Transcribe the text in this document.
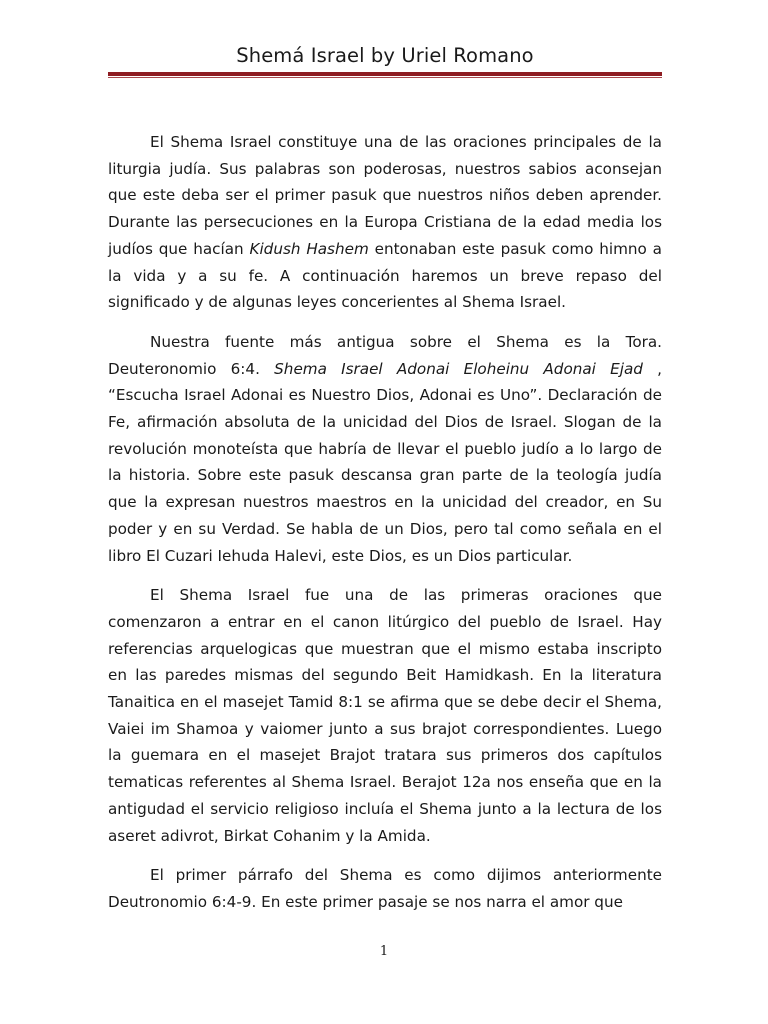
Shemá Israel by Uriel Romano

El Shema Israel constituye una de las oraciones principales de la liturgia judía. Sus palabras son poderosas, nuestros sabios aconsejan que este deba ser el primer pasuk que nuestros niños deben aprender. Durante las persecuciones en la Europa Cristiana de la edad media los judíos que hacían Kidush Hashem entonaban este pasuk como himno a la vida y a su fe. A continuación haremos un breve repaso del significado y de algunas leyes concerientes al Shema Israel.

Nuestra fuente más antigua sobre el Shema es la Tora. Deuteronomio 6:4. Shema Israel Adonai Eloheinu Adonai Ejad , “Escucha Israel Adonai es Nuestro Dios, Adonai es Uno”. Declaración de Fe, afirmación absoluta de la unicidad del Dios de Israel. Slogan de la revolución monoteísta que habría de llevar el pueblo judío a lo largo de la historia. Sobre este pasuk descansa gran parte de la teología judía que la expresan nuestros maestros en la unicidad del creador, en Su poder y en su Verdad. Se habla de un Dios, pero tal como señala en el libro El Cuzari Iehuda Halevi, este Dios, es un Dios particular.

El Shema Israel fue una de las primeras oraciones que comenzaron a entrar en el canon litúrgico del pueblo de Israel. Hay referencias arquelogicas que muestran que el mismo estaba inscripto en las paredes mismas del segundo Beit Hamidkash. En la literatura Tanaitica en el masejet Tamid 8:1 se afirma que se debe decir el Shema, Vaiei im Shamoa y vaiomer junto a sus brajot correspondientes. Luego la guemara en el masejet Brajot tratara sus primeros dos capítulos tematicas referentes al Shema Israel. Berajot 12a nos enseña que en la antigudad el servicio religioso incluía el Shema junto a la lectura de los aseret adivrot, Birkat Cohanim y la Amida.

El primer párrafo del Shema es como dijimos anteriormente Deutronomio 6:4-9. En este primer pasaje se nos narra el amor que

1
